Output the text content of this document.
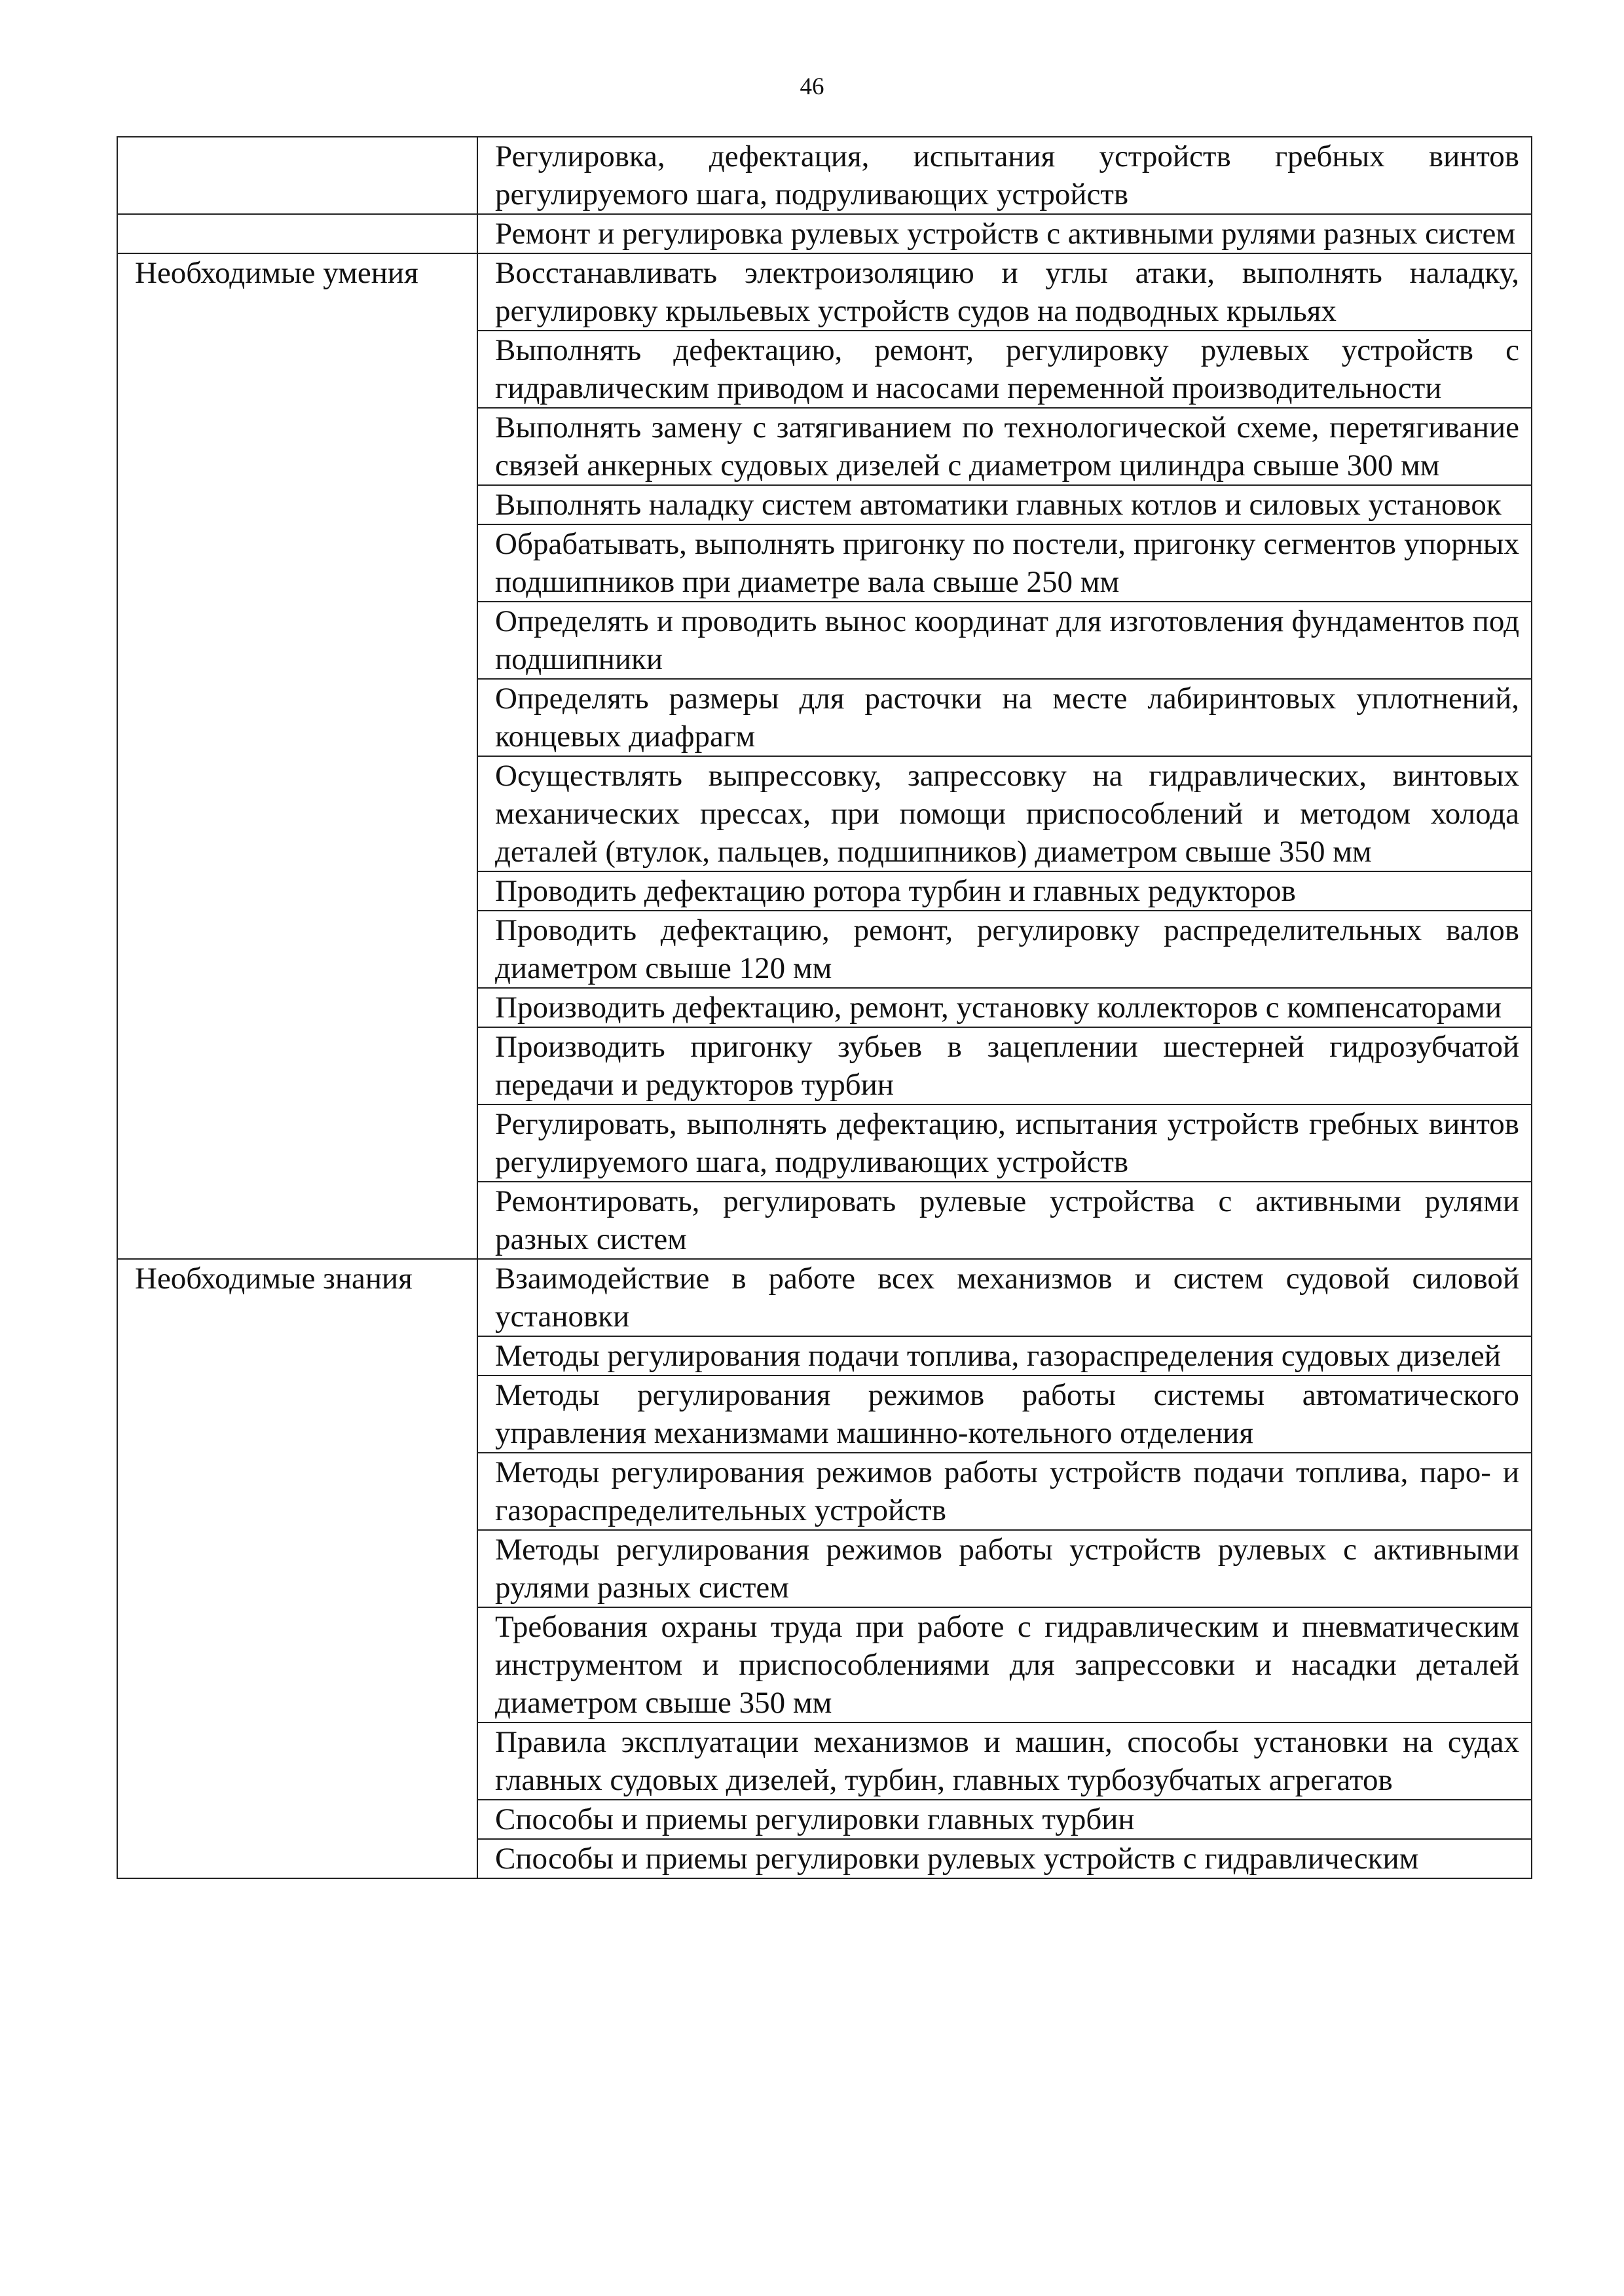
46
	Регулировка, дефектация, испытания устройств гребных винтов регулируемого шага, подруливающих устройств
	Ремонт и регулировка рулевых устройств с активными рулями разных систем
Необходимые умения	Восстанавливать электроизоляцию и углы атаки, выполнять наладку, регулировку крыльевых устройств судов на подводных крыльях
	Выполнять дефектацию, ремонт, регулировку рулевых устройств с гидравлическим приводом и насосами переменной производительности
	Выполнять замену с затягиванием по технологической схеме, перетягивание связей анкерных судовых дизелей с диаметром цилиндра свыше 300 мм
	Выполнять наладку систем автоматики главных котлов и силовых установок
	Обрабатывать, выполнять пригонку по постели, пригонку сегментов упорных подшипников при диаметре вала свыше 250 мм
	Определять и проводить вынос координат для изготовления фундаментов под подшипники
	Определять размеры для расточки на месте лабиринтовых уплотнений, концевых диафрагм
	Осуществлять выпрессовку, запрессовку на гидравлических, винтовых механических прессах, при помощи приспособлений и методом холода деталей (втулок, пальцев, подшипников) диаметром свыше 350 мм
	Проводить дефектацию ротора турбин и главных редукторов
	Проводить дефектацию, ремонт, регулировку распределительных валов диаметром свыше 120 мм
	Производить дефектацию, ремонт, установку коллекторов с компенсаторами
	Производить пригонку зубьев в зацеплении шестерней гидрозубчатой передачи и редукторов турбин
	Регулировать, выполнять дефектацию, испытания устройств гребных винтов регулируемого шага, подруливающих устройств
	Ремонтировать, регулировать рулевые устройства с активными рулями разных систем
Необходимые знания	Взаимодействие в работе всех механизмов и систем судовой силовой установки
	Методы регулирования подачи топлива, газораспределения судовых дизелей
	Методы регулирования режимов работы системы автоматического управления механизмами машинно-котельного отделения
	Методы регулирования режимов работы устройств подачи топлива, паро- и газораспределительных устройств
	Методы регулирования режимов работы устройств рулевых с активными рулями разных систем
	Требования охраны труда при работе с гидравлическим и пневматическим инструментом и приспособлениями для запрессовки и насадки деталей диаметром свыше 350 мм
	Правила эксплуатации механизмов и машин, способы установки на судах главных судовых дизелей, турбин, главных турбозубчатых агрегатов
	Способы и приемы регулировки главных турбин
	Способы и приемы регулировки рулевых устройств с гидравлическим
